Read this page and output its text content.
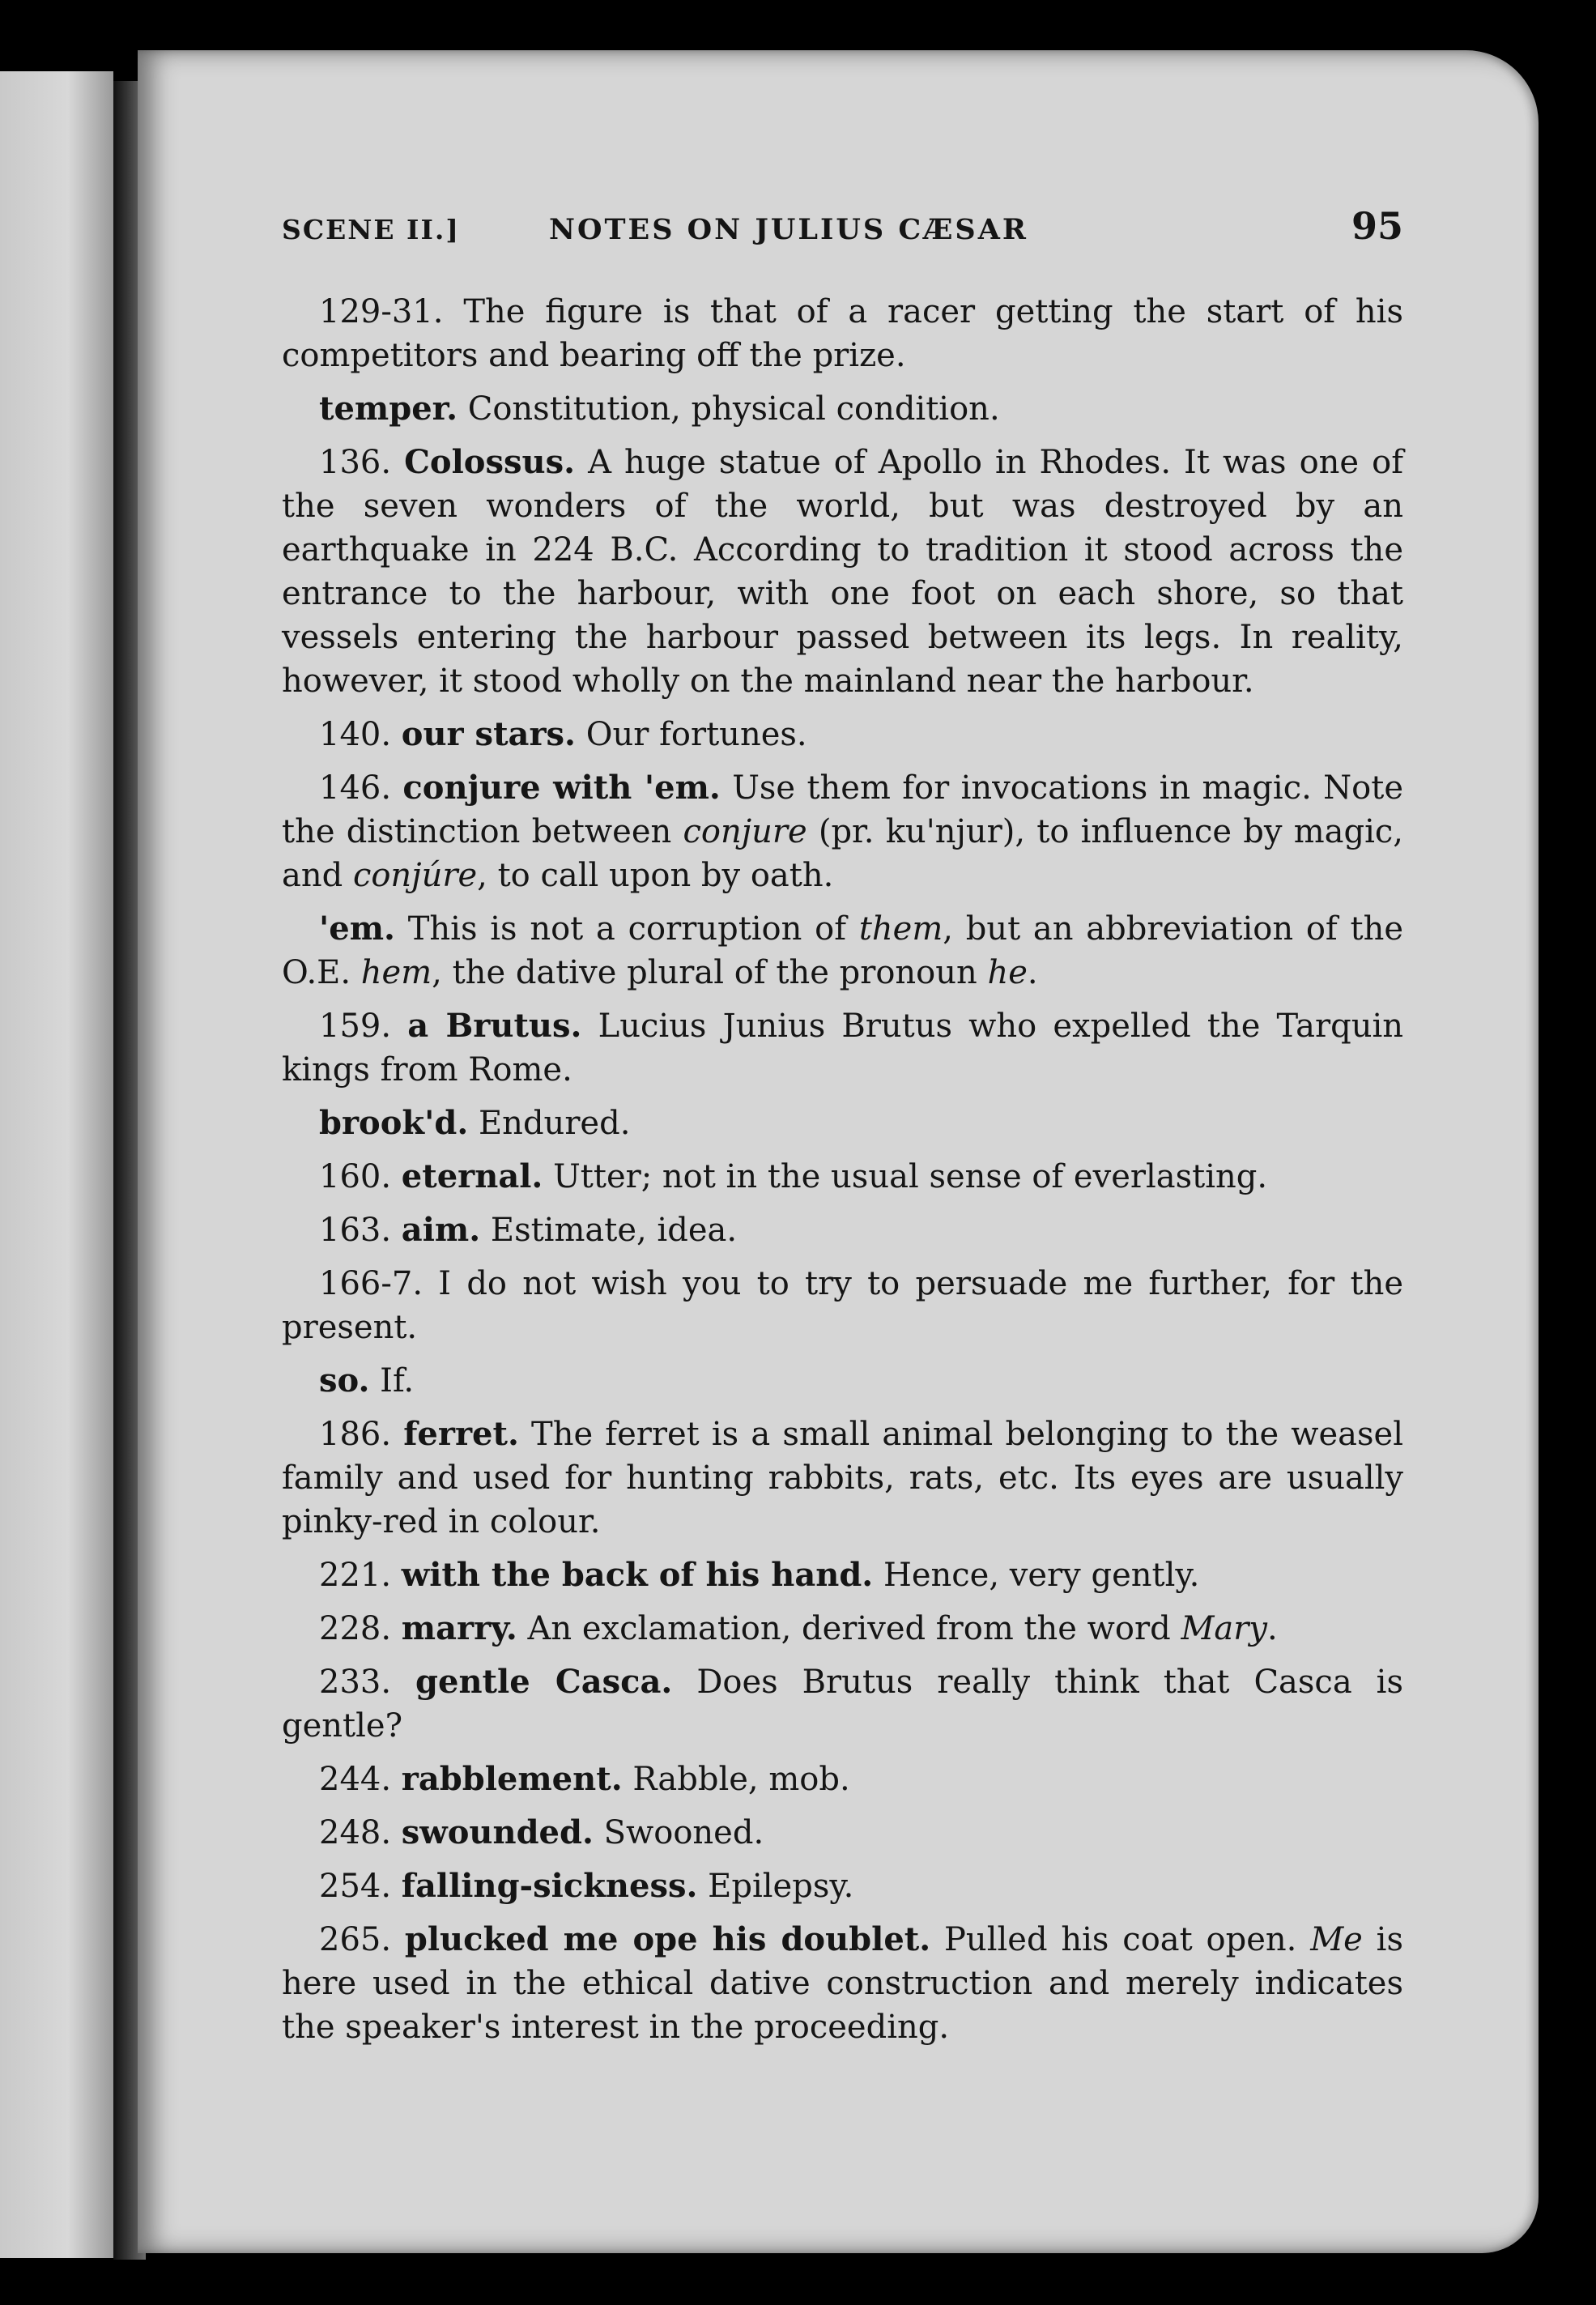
SCENE II.]	NOTES ON JULIUS CÆSAR	95

129-31. The figure is that of a racer getting the start of his competitors and bearing off the prize.

temper. Constitution, physical condition.

136. Colossus. A huge statue of Apollo in Rhodes. It was one of the seven wonders of the world, but was destroyed by an earthquake in 224 B.C. According to tradition it stood across the entrance to the harbour, with one foot on each shore, so that vessels entering the harbour passed between its legs. In reality, however, it stood wholly on the mainland near the harbour.

140. our stars. Our fortunes.

146. conjure with 'em. Use them for invocations in magic. Note the distinction between conjure (pr. ku'njur), to influence by magic, and conjúre, to call upon by oath.

'em. This is not a corruption of them, but an abbreviation of the O.E. hem, the dative plural of the pronoun he.

159. a Brutus. Lucius Junius Brutus who expelled the Tarquin kings from Rome.

brook'd. Endured.

160. eternal. Utter; not in the usual sense of everlasting.

163. aim. Estimate, idea.

166-7. I do not wish you to try to persuade me further, for the present.

so. If.

186. ferret. The ferret is a small animal belonging to the weasel family and used for hunting rabbits, rats, etc. Its eyes are usually pinky-red in colour.

221. with the back of his hand. Hence, very gently.

228. marry. An exclamation, derived from the word Mary.

233. gentle Casca. Does Brutus really think that Casca is gentle?

244. rabblement. Rabble, mob.

248. swounded. Swooned.

254. falling-sickness. Epilepsy.

265. plucked me ope his doublet. Pulled his coat open. Me is here used in the ethical dative construction and merely indicates the speaker's interest in the proceeding.
